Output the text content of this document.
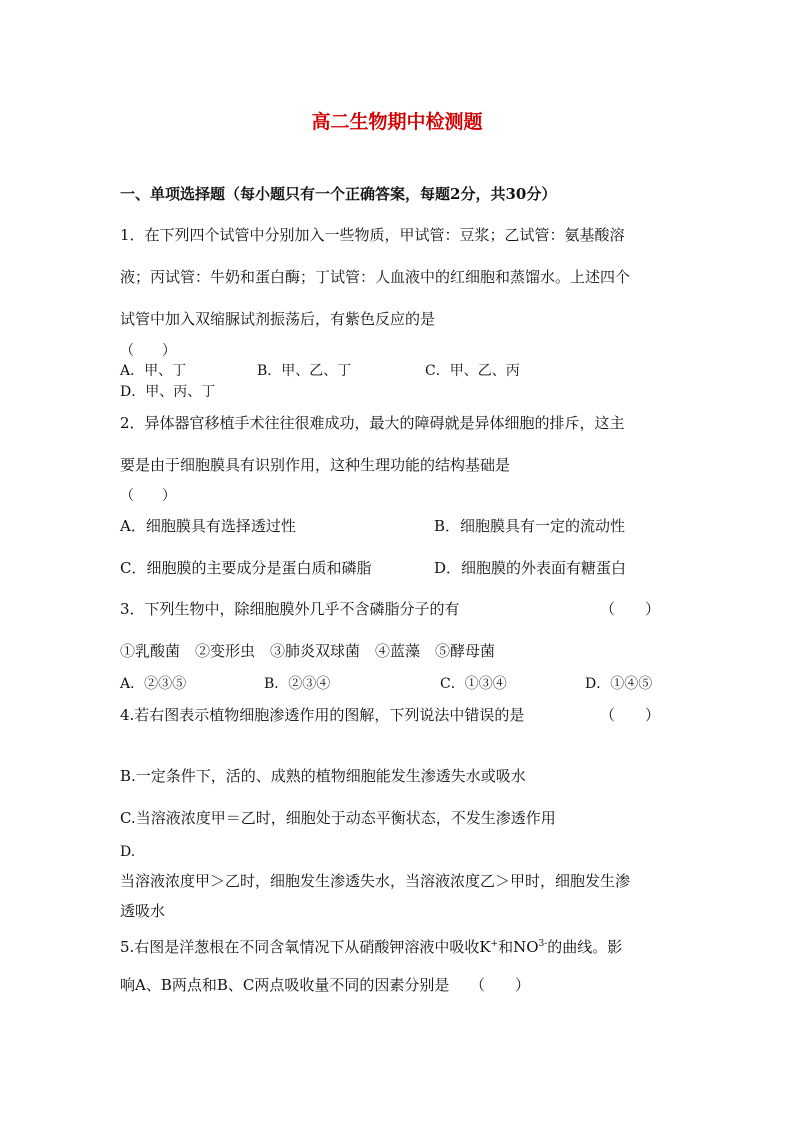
高二生物期中检测题
一、单项选择题（每小题只有一个正确答案，每题2分，共30分）
1．在下列四个试管中分别加入一些物质，甲试管：豆浆；乙试管：氨基酸溶
液；丙试管：牛奶和蛋白酶；丁试管：人血液中的红细胞和蒸馏水。上述四个
试管中加入双缩脲试剂振荡后，有紫色反应的是
（　　）
A．甲、丁	B．甲、乙、丁	C．甲、乙、丙
D．甲、丙、丁
2．异体器官移植手术往往很难成功，最大的障碍就是异体细胞的排斥，这主
要是由于细胞膜具有识别作用，这种生理功能的结构基础是
（　　）
A．细胞膜具有选择透过性	B．细胞膜具有一定的流动性
C．细胞膜的主要成分是蛋白质和磷脂	D．细胞膜的外表面有糖蛋白
3．下列生物中，除细胞膜外几乎不含磷脂分子的有	（　　）
①乳酸菌　②变形虫　③肺炎双球菌　④蓝藻　⑤酵母菌
A．②③⑤	B．②③④	C．①③④	D．①④⑤
4.若右图表示植物细胞渗透作用的图解，下列说法中错误的是	（　　）
B.一定条件下，活的、成熟的植物细胞能发生渗透失水或吸水
C.当溶液浓度甲＝乙时，细胞处于动态平衡状态，不发生渗透作用
D.
当溶液浓度甲＞乙时，细胞发生渗透失水，当溶液浓度乙＞甲时，细胞发生渗
透吸水
5.右图是洋葱根在不同含氧情况下从硝酸钾溶液中吸收K+和$NO^{3-}$的曲线。影
响A、B两点和B、C两点吸收量不同的因素分别是 （　　）
